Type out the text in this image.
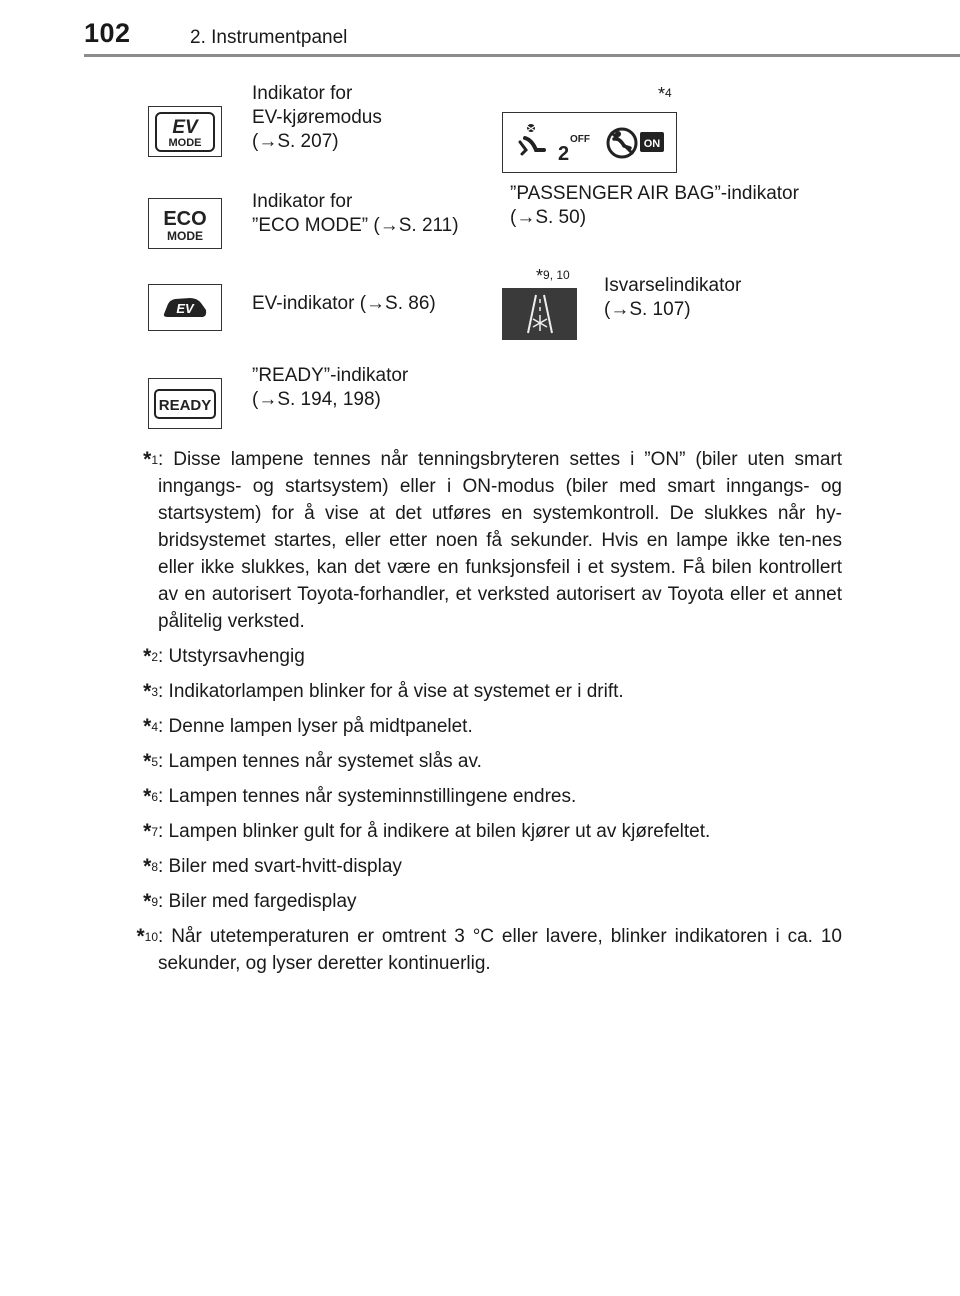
102	2. Instrumentpanel
EV
MODE
Indikator for
EV-kjøremodus
(→S. 207)
ECO
MODE
Indikator for
”ECO MODE” (→S. 211)
EV	EV-indikator (→S. 86)
READY
”READY”-indikator
(→S. 194, 198)
*$^4$
2
OFF	ON
”PASSENGER AIR BAG”-indikator
(→S. 50)
*$^{9, 10}$ Isvarselindikator
(→S. 107)
*$^1$ : Disse lampene tennes når tenningsbryteren settes i ”ON” (biler uten smart inngangs- og startsystem) eller i ON-modus (biler med smart inngangs- og startsystem) for å vise at det utføres en systemkontroll. De slukkes når hy-bridsystemet startes, eller etter noen få sekunder. Hvis en lampe ikke ten-nes eller ikke slukkes, kan det være en funksjonsfeil i et system. Få bilen kontrollert av en autorisert Toyota-forhandler, et verksted autorisert av Toyota eller et annet pålitelig verksted.
*$^2$ : Utstyrsavhengig
*$^3$ : Indikatorlampen blinker for å vise at systemet er i drift.
*$^4$ : Denne lampen lyser på midtpanelet.
*$^5$ : Lampen tennes når systemet slås av.
*$^6$ : Lampen tennes når systeminnstillingene endres.
*$^7$ : Lampen blinker gult for å indikere at bilen kjører ut av kjørefeltet.
*$^8$ : Biler med svart-hvitt-display
*$^9$ : Biler med fargedisplay
*$^{10}$ : Når utetemperaturen er omtrent 3 °C eller lavere, blinker indikatoren i ca. 10 sekunder, og lyser deretter kontinuerlig.
